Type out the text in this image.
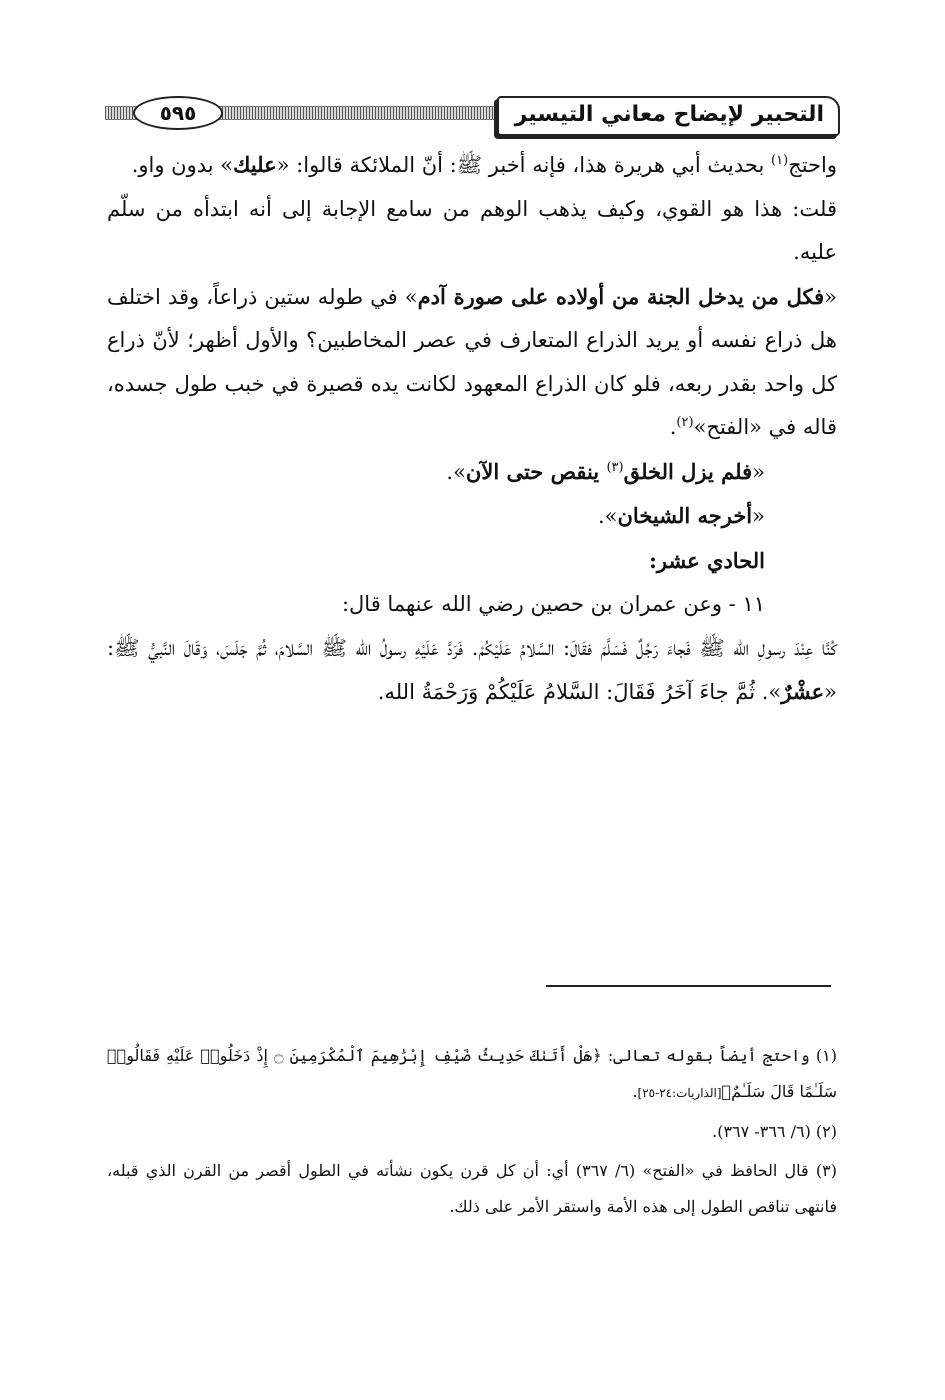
التحبير لإيضاح معاني التيسير
٥٩٥

واحتج$^{(١)}$ بحديث أبي هريرة هذا، فإنه أخبر ﷺ: أنّ الملائكة قالوا: «عليك» بدون واو.

قلت: هذا هو القوي، وكيف يذهب الوهم من سامع الإجابة إلى أنه ابتدأه من سلّم عليه.

«فكل من يدخل الجنة من أولاده على صورة آدم» في طوله ستين ذراعاً، وقد اختلف هل ذراع نفسه أو يريد الذراع المتعارف في عصر المخاطبين؟ والأول أظهر؛ لأنّ ذراع كل واحد بقدر ربعه، فلو كان الذراع المعهود لكانت يده قصيرة في خبب طول جسده، قاله في «الفتح»$^{(٢)}$.

«فلم يزل الخلق$^{(٣)}$ ينقص حتى الآن».

«أخرجه الشيخان».

الحادي عشر:

١١ - وعن عمران بن حصين رضي الله عنهما قال:

كُنَّا عِنْدَ رسولِ الله ﷺ فَجاءَ رَجُلٌ فَسَلَّمَ فقَالَ: السَّلامُ عَلَيْكُمْ. فَرَدَّ عَلَيْهِ رسولُ الله ﷺ السَّلامَ، ثُمَّ جَلَسَ، وَقَالَ النَّبيُّ ﷺ: «عشْرٌ». ثُمَّ جاءَ آخَرُ فَقَالَ: السَّلامُ عَلَيْكُمْ وَرَحْمَةُ الله.

(١) واحتج أيضاً بقوله تعالى: ﴿هَلْ أَتَىٰكَ حَدِيثُ ضَيْفِ إِبْرَٰهِيمَ ٱلْمُكْرَمِينَ ۝ إِذْ دَخَلُوا۟ عَلَيْهِ فَقَالُوا۟ سَلَـٰمًا قَالَ سَلَـٰمٌ﴾[الذاريات:٢٤-٢٥].

(٢) (٦/ ٣٦٦- ٣٦٧).

(٣) قال الحافظ في «الفتح» (٦/ ٣٦٧) أي: أن كل قرن يكون نشأته في الطول أقصر من القرن الذي قبله، فانتهى تناقص الطول إلى هذه الأمة واستقر الأمر على ذلك.
